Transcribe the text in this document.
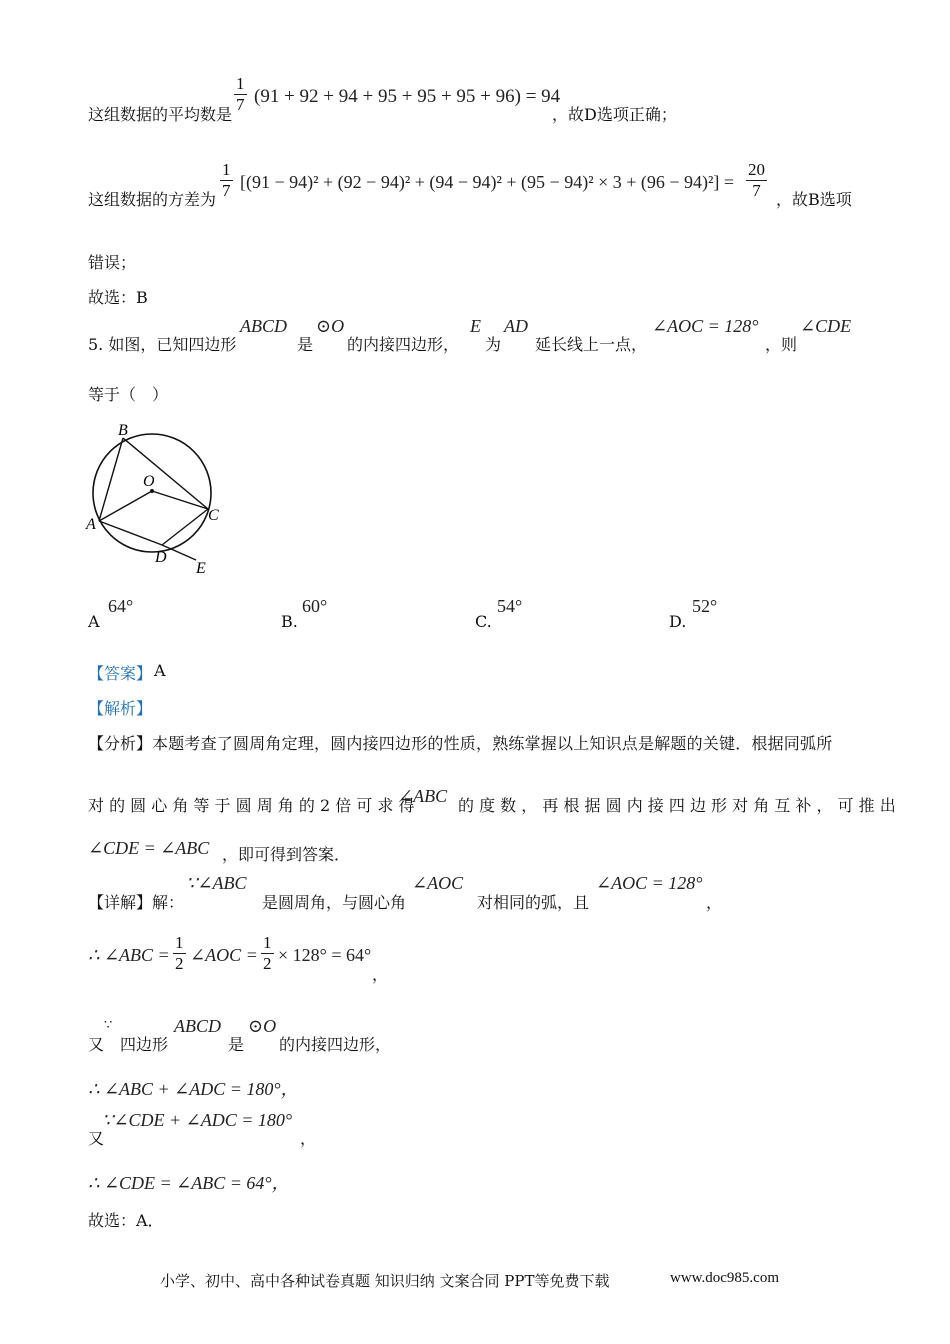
这组数据的平均数是 $\frac{1}{7} (91 + 92 + 94 + 95 + 95 + 95 + 96) = 94$
，故D选项正确；
这组数据的方差为 $\frac{1}{7} [(91 - 94)^2 + (92 - 94)^2 + (94 - 94)^2 + (95 - 94)^2 \times 3 + (96 - 94)^2] = \frac{20}{7}$ ，故B选项
错误；
故选：B
5. 如图，已知四边形
ABCD
是
⊙O
的内接四边形，
E
为
AD
延长线上一点，
∠AOC = 128°
，则
∠CDE
等于（　）
B
O
C
A
D
E
A
64°
B.
60°
C.
54°
D.
52°
【答案】 A
【解析】
【分析】 本题考查了圆周角定理，圆内接四边形的性质，熟练掌握以上知识点是解题的关键．根据同弧所
对 的 圆 心 角 等 于 圆 周 角 的 2 倍 可 求 得
∠ABC 的 度 数 ， 再 根 据 圆 内 接 四 边 形 对 角 互 补 ， 可 推 出
∠CDE = ∠ABC ，即可得到答案．
【详解】 解：
∵∠ABC
是圆周角，与圆心角
∠AOC
对相同的弧，且
∠AOC = 128°
，
∴ ∠ABC = $\frac{1}{2}$ ∠AOC = $\frac{1}{2} \times 128^\circ = 64^\circ$
，
又
∵
四边形
ABCD
是
⊙O
的内接四边形，
∴ ∠ABC + ∠ADC = 180°，
又
∵∠CDE + ∠ADC = 180°
，
∴ ∠CDE = ∠ABC = 64°，
故选：A．
小学、初中、高中各种试卷真题 知识归纳 文案合同 PPT等免费下载	www.doc985.com
